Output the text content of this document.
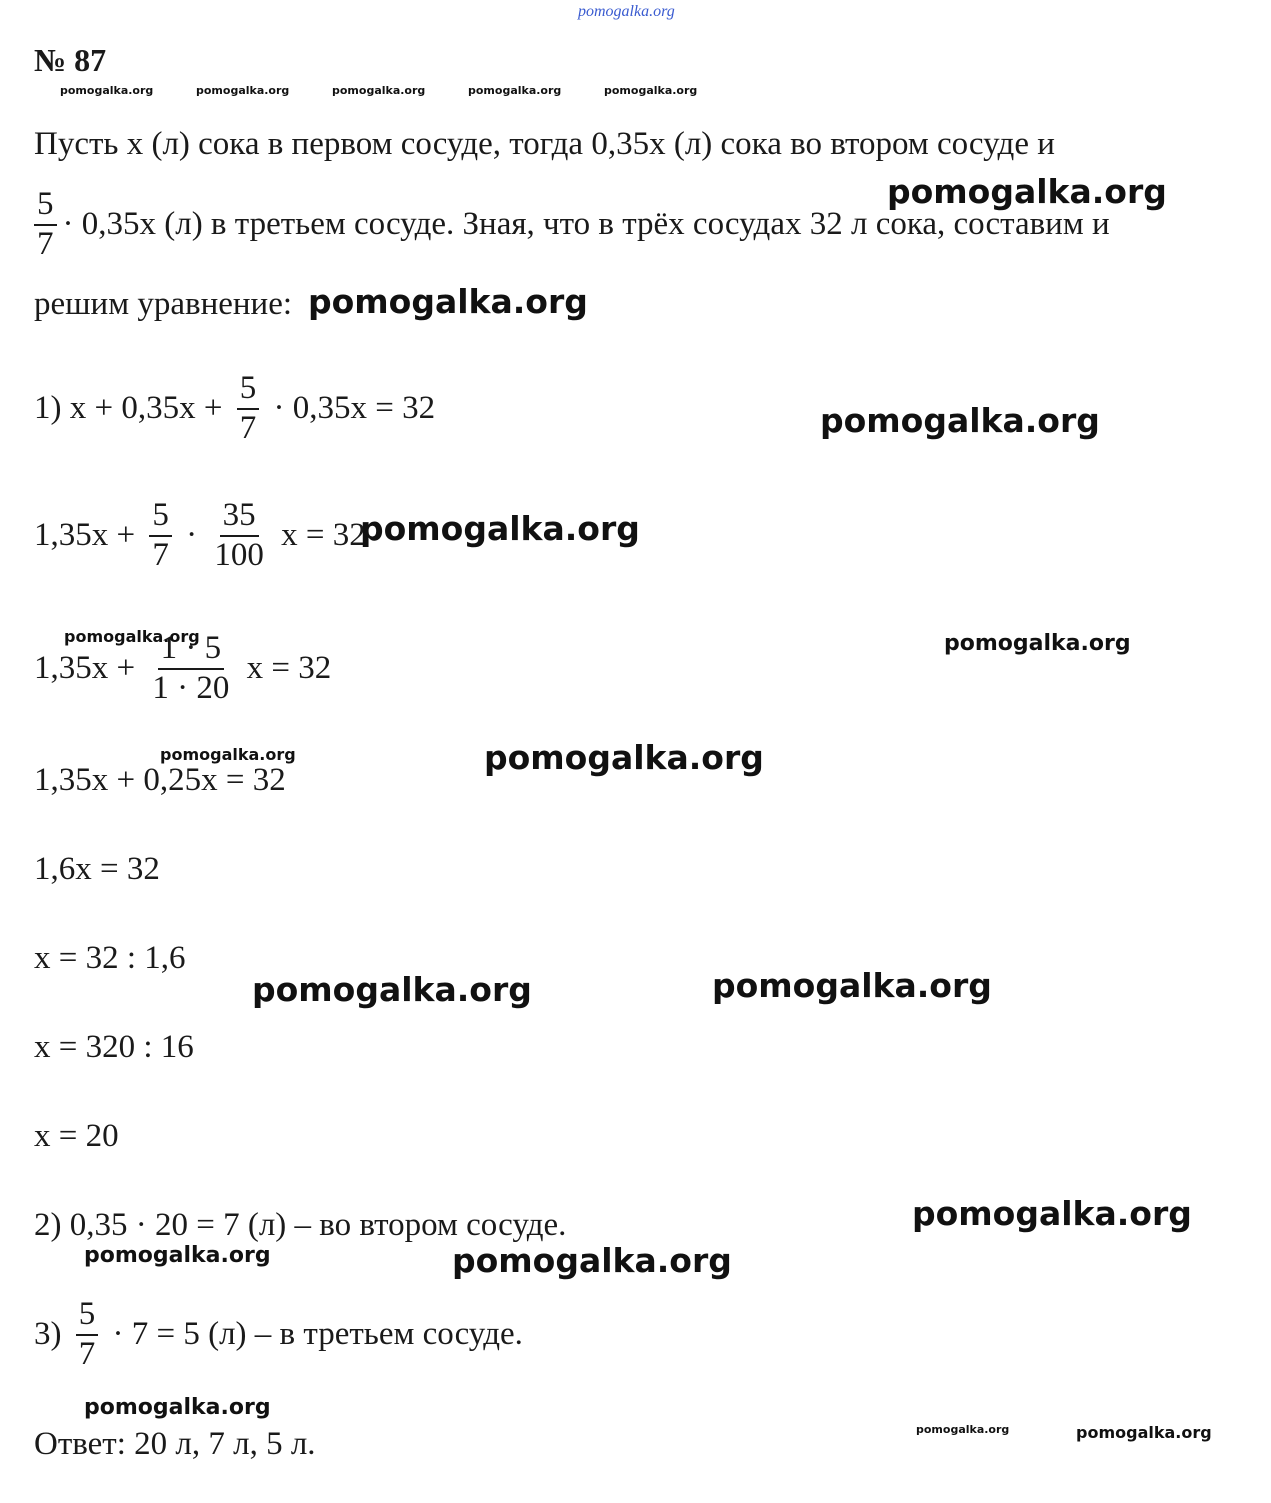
pomogalka.org
№ 87
pomogalka.org	pomogalka.org	pomogalka.org	pomogalka.org	pomogalka.org
Пусть х (л) сока в первом сосуде, тогда 0,35х (л) сока во втором сосуде и
$\frac{5}{7} \cdot 0,35х$ (л) в третьем сосуде. Зная, что в трёх сосудах 32 л сока, составим и
pomogalka.org
решим уравнение: pomogalka.org
1) $х + 0,35х + \frac{5}{7} \cdot 0,35х = 32$	pomogalka.org
$1,35х + \frac{5}{7} \cdot \frac{35}{100}$ х = 32
pomogalka.org
pomogalka.org
$1,35х + \frac{1 \cdot 5}{1 \cdot 20}$ х = 32
pomogalka.org
pomogalka.org
1,35х + 0,25х = 32
pomogalka.org
1,6х = 32
х = 32 : 1,6
pomogalka.org	pomogalka.org
х = 320 : 16
х = 20
2) 0,35 · 20 = 7 (л) – во втором сосуде.	pomogalka.org
pomogalka.org	pomogalka.org
$3) \frac{5}{7} \cdot 7 = 5$ (л) – в третьем сосуде.
pomogalka.org
Ответ: 20 л, 7 л, 5 л.	pomogalka.org	pomogalka.org
